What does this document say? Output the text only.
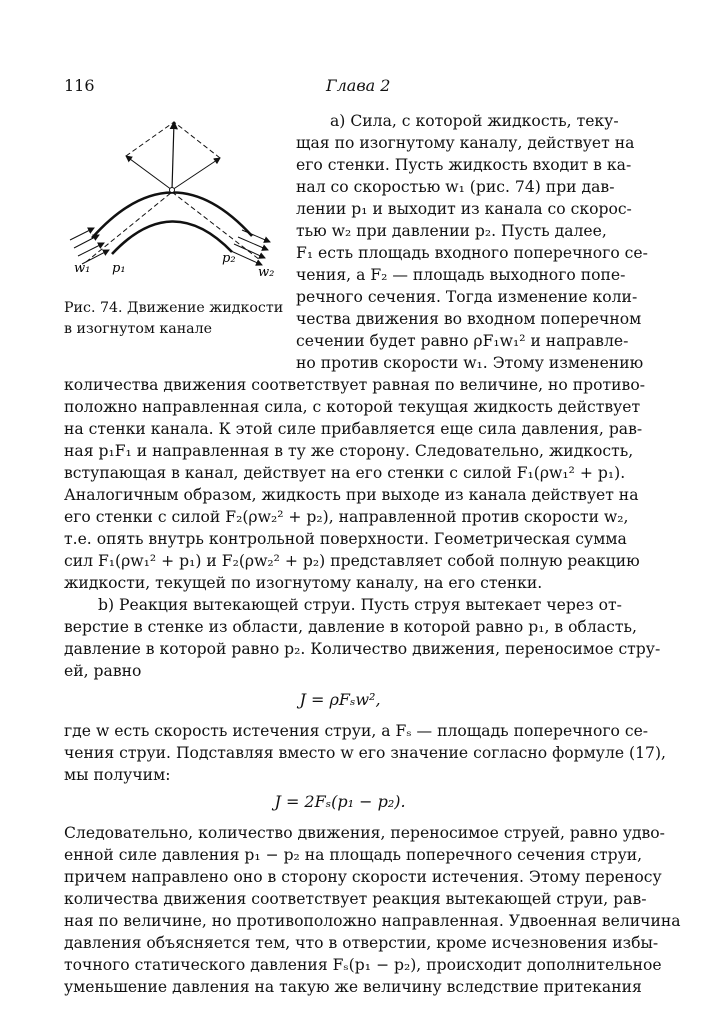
116	Глава 2
w₁ p₁
p₂
w₂
Рис. 74. Движение жидкости
в изогнутом канале
а) Сила, с которой жидкость, теку-
щая по изогнутому каналу, действует на
его стенки. Пусть жидкость входит в ка-
нал со скоростью w₁ (рис. 74) при дав-
лении p₁ и выходит из канала со скорос-
тью w₂ при давлении p₂. Пусть далее,
F₁ есть площадь входного поперечного се-
чения, а F₂ — площадь выходного попе-
речного сечения. Тогда изменение коли-
чества движения во входном поперечном
сечении будет равно ρF₁w₁² и направле-
но против скорости w₁. Этому изменению
количества движения соответствует равная по величине, но противо-
положно направленная сила, с которой текущая жидкость действует
на стенки канала. К этой силе прибавляется еще сила давления, рав-
ная p₁F₁ и направленная в ту же сторону. Следовательно, жидкость,
вступающая в канал, действует на его стенки с силой F₁(ρw₁² + p₁).
Аналогичным образом, жидкость при выходе из канала действует на
его стенки с силой F₂(ρw₂² + p₂), направленной против скорости w₂,
т.е. опять внутрь контрольной поверхности. Геометрическая сумма
сил F₁(ρw₁² + p₁) и F₂(ρw₂² + p₂) представляет собой полную реакцию
жидкости, текущей по изогнутому каналу, на его стенки.
b) Реакция вытекающей струи. Пусть струя вытекает через от-
верстие в стенке из области, давление в которой равно p₁, в область,
давление в которой равно p₂. Количество движения, переносимое стру-
ей, равно
J = ρFₛw²,
где w есть скорость истечения струи, а Fₛ — площадь поперечного се-
чения струи. Подставляя вместо w его значение согласно формуле (17),
мы получим:
J = 2Fₛ(p₁ − p₂).
Следовательно, количество движения, переносимое струей, равно удво-
енной силе давления p₁ − p₂ на площадь поперечного сечения струи,
причем направлено оно в сторону скорости истечения. Этому переносу
количества движения соответствует реакция вытекающей струи, рав-
ная по величине, но противоположно направленная. Удвоенная величина
давления объясняется тем, что в отверстии, кроме исчезновения избы-
точного статического давления Fₛ(p₁ − p₂), происходит дополнительное
уменьшение давления на такую же величину вследствие притекания
